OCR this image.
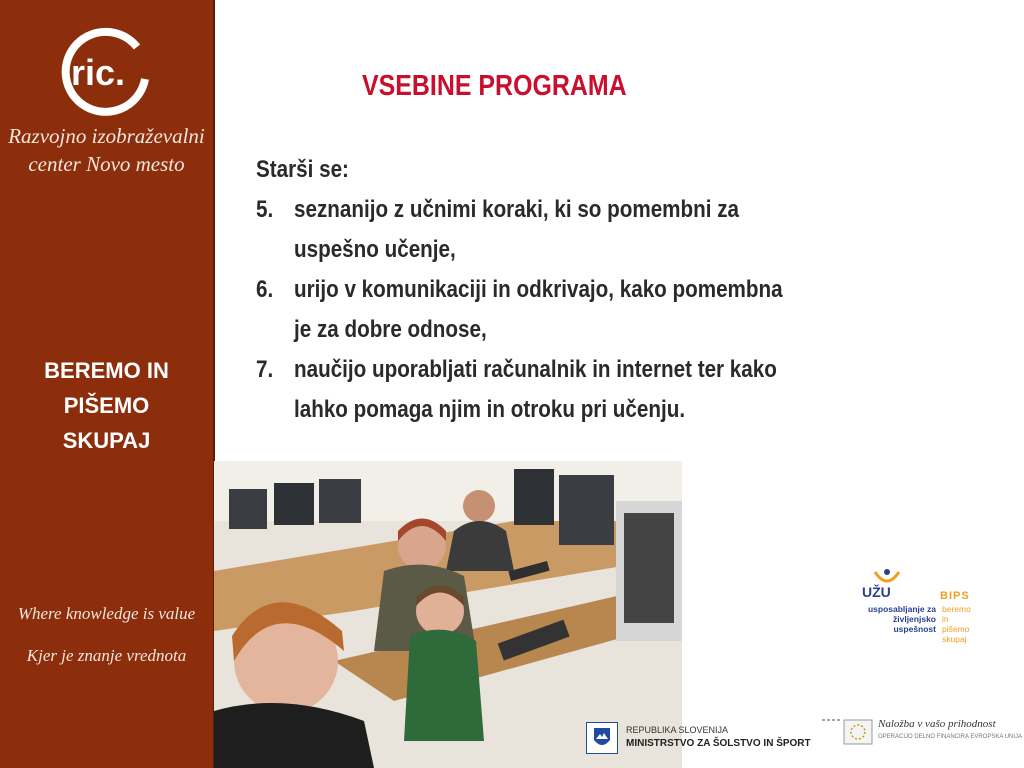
ric.
Razvojno izobraževalni
center Novo mesto
BEREMO IN
PIŠEMO
SKUPAJ
Where knowledge is value
Kjer je znanje vrednota
VSEBINE PROGRAMA
Starši se:
5. seznanijo z učnimi koraki, ki so pomembni za
uspešno učenje,
6. urijo v komunikaciji in odkrivajo, kako pomembna
je za dobre odnose,
7. naučijo uporabljati računalnik in internet ter kako
lahko pomaga njim in otroku pri učenju.
UŽU	BIPS
usposabljanje za
življenjsko
uspešnost
beremo
in
pišemo
skupaj
REPUBLIKA SLOVENIJA
MINISTRSTVO ZA ŠOLSTVO IN ŠPORT
Naložba v vašo prihodnost
OPERACIJO DELNO FINANCIRA EVROPSKA UNIJA
